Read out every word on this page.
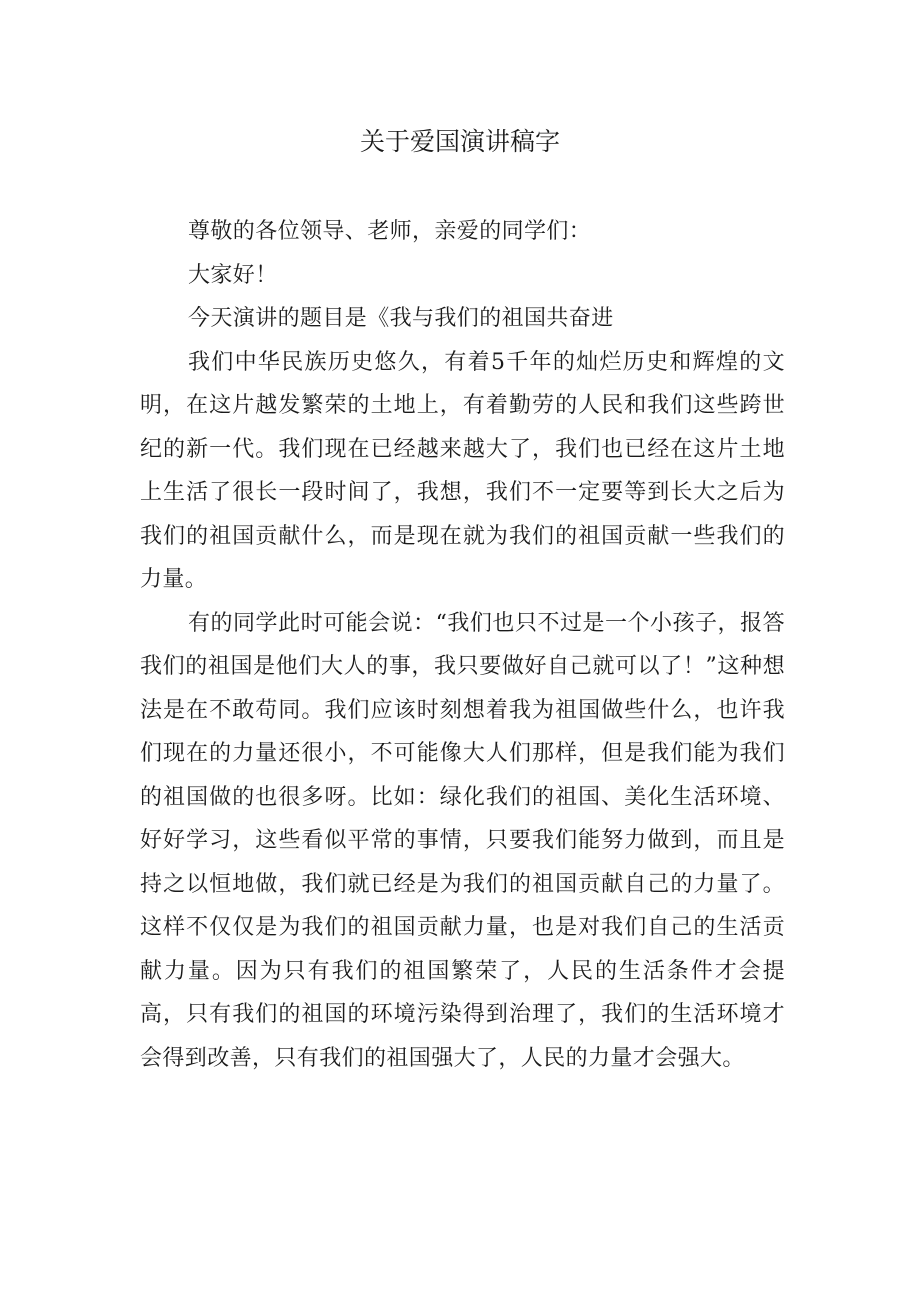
关于爱国演讲稿字

尊敬的各位领导、老师，亲爱的同学们：

大家好！

今天演讲的题目是《我与我们的祖国共奋进

我们中华民族历史悠久，有着5千年的灿烂历史和辉煌的文明，在这片越发繁荣的土地上，有着勤劳的人民和我们这些跨世纪的新一代。我们现在已经越来越大了，我们也已经在这片土地上生活了很长一段时间了，我想，我们不一定要等到长大之后为我们的祖国贡献什么，而是现在就为我们的祖国贡献一些我们的力量。

有的同学此时可能会说：“我们也只不过是一个小孩子，报答我们的祖国是他们大人的事，我只要做好自己就可以了！”这种想法是在不敢苟同。我们应该时刻想着我为祖国做些什么，也许我们现在的力量还很小，不可能像大人们那样，但是我们能为我们的祖国做的也很多呀。比如：绿化我们的祖国、美化生活环境、好好学习，这些看似平常的事情，只要我们能努力做到，而且是持之以恒地做，我们就已经是为我们的祖国贡献自己的力量了。这样不仅仅是为我们的祖国贡献力量，也是对我们自己的生活贡献力量。因为只有我们的祖国繁荣了，人民的生活条件才会提高，只有我们的祖国的环境污染得到治理了，我们的生活环境才会得到改善，只有我们的祖国强大了，人民的力量才会强大。
